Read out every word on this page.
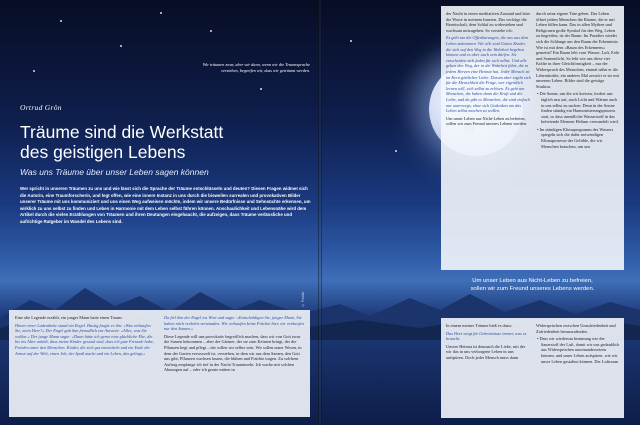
Wir träumen zwar, aber wir dann, wenn wir die Traumsprache verstehen, begreifen wir, dass wir geträumt werden.
Ortrud Grön
Träume sind die Werkstatt
des geistigen Lebens
Was uns Träume über unser Leben sagen können
Wer spricht in unseren Träumen zu uns und wie lässt sich die Sprache der Träume entschlüsseln und deuten? Diesen Fragen widmet sich die Autorin, eine Traumforscherin, und legt offen, wie eine innere Instanz in uns durch die bisweilen surrealen und provokativen Bilder unserer Träume mit uns kommuniziert und uns einen Weg aufweisen möchte, indem wir unsere Bedürfnisse und Sehnsüchte erkennen, um wirklich zu uns selbst zu finden und Leben in Harmonie mit dem Leben selbst führen können. Anschaulichkeit und Lebensnähe wird dem Artikel durch die vielen Erzählungen von Träumen und ihren Deutungen eingehaucht, die aufzeigen, dass Träume verlässliche und aufrichtige Ratgeber im Wandel des Lebens sind.
© Fotolia

Eine alte Legende erzählt, ein junger Mann hatte einen Traum:

Hinter einer Ladentheke stand ein Engel. Hastig fragte er ihn: »Was verkaufen Sie, mein Herr?« Der Engel gab ihm freundlich zur Antwort: »Alles, was Sie wollen.« Der junge Mann sagte: »Dann hätte ich gerne eine glückliche Ehe, die bis ins Alter anhält, dass meine Kinder gesund sind, dass ich gute Freunde habe, Frieden unter den Menschen. Kinder, die sich gut entwickeln und ein Ende der Armut auf der Welt, einen Job, der Spaß macht und ein Leben, das gelingt.«

Da fiel ihm der Engel ins Wort und sagte: »Entschuldigen Sie, junger Mann, Sie haben mich verkehrt verstanden. Wir verkaufen keine Früchte hier, wir verkaufen nur den Samen.«

Diese Legende will uns provokativ begreiflich machen, dass wir von Gott zwar die Samen bekommen – aber der Gärtner, der sie zum Keimen bringt, der die Pflanzen hegt und pflegt – der sollen wir selber sein. Wir sollen unser Wesen, in dem der Garten verwurzelt ist, verstehen, in dem wir aus dem Samen, den Gott uns gibt, Pflanzen wachsen lassen, die blühen und Früchte tragen. Zu solchem Auftrag empfange ich tief in der Nacht Trauminseln. Ich wache mit solchen Ahnungen auf – oder ich gerate mitten in

der Nacht in einen meditativen Zustand und höre die Worte in meinem Inneren. Das verfolge die Bereitschaft, dem Schlaf zu widerstehen und wachsam mitzugehen. So verstehe ich:

Es geht um die Offenbarungen, die uns aus dem Leben zukommen. Wir alle sind Gottes Kinder, die sich auf den Weg in die Wahrheit begeben können und es aber auch sein dürfen. Sie entscheiden sich jeden für sich selbst. Und alle gehen den Weg, der in die Wahrheit führt, die in jedem Herzen eine Heimat hat. Jeder Mensch ist im Kern göttlicher Liebe. Darum aber ergibt sich für die Menschheit die Frage, wer eigentlich lernen will, sich selbst zu erlösen. Es geht um Menschen, die haben dann die Kraft und die Liebe, und da gibt es Menschen, die sind einfach nur unterwegs, ohne sich Gedanken um das Leben selbst machen zu wollen.

Um unser Leben aus Nicht-Leben zu befreien, sollen wir zum Freund unseres Lebens werden.

durch seine eigene Türe gehen. Das Leben öffnet jedem Menschen die Räume, die er mit Leben füllen kann. Das in allen Mythen und Religionen große Symbol für den Weg, Leben zu begreifen, ist der Baum. Im Paradies windet sich die Schlange um den Baum der Erkenntnis. Wie ist mit dem »Baum des Erkennens« gemeint? Ein Baum lebt vom Wasser, Luft, Erde und Sonnenlicht. So lebt wie uns diese vier Kräfte in ihrer Gleichförmigkeit – nur der Widerspruch des Menschen, einmal nährt er die Lebenskräfte, ein anderes Mal zerstört er sie mit unserem Leben. Bilder sind die geistige Struktur.

• Die Sonne, um die wir kreisen, fordert uns täglich neu auf, nach Licht und Wärme auch in uns selbst zu suchen. Denn in der Sonne finden ständig ein Harmonisierungsprozess statt, so dass unendliche Wasserstoff in das befreiende Element Helium verwandelt wird.

• Im ständigen Klimaprogramm des Wassers spiegeln sich die dafür notwendigen Klimaprozesse der Gefühle, die wir Menschen brauchen, um uns

Um unser Leben aus Nicht-Leben zu befreien,
sollen wir zum Freund unseres Lebens werden.

In einem meiner Träume hieß es dazu:

Das Herz sorgt für Geheimnisse immer, was es braucht.

Unsere Heimat ist demnach die Liebe, mit der wir das in uns verborgene Leben in uns aufspüren. Doch jeder Mensch muss dann

Widersprüchen zwischen Unzufriedenheit und Zufriedenheit herauszufinden.

• Dass wir wiederum beatmung wie der Sauerstoff der Luft, damit wir uns gedanklich aus Widersprüchen auseinandersetzen können, und unser Leben aufspüren, wie wir unser Leben gestalten können. Der Luftraum
